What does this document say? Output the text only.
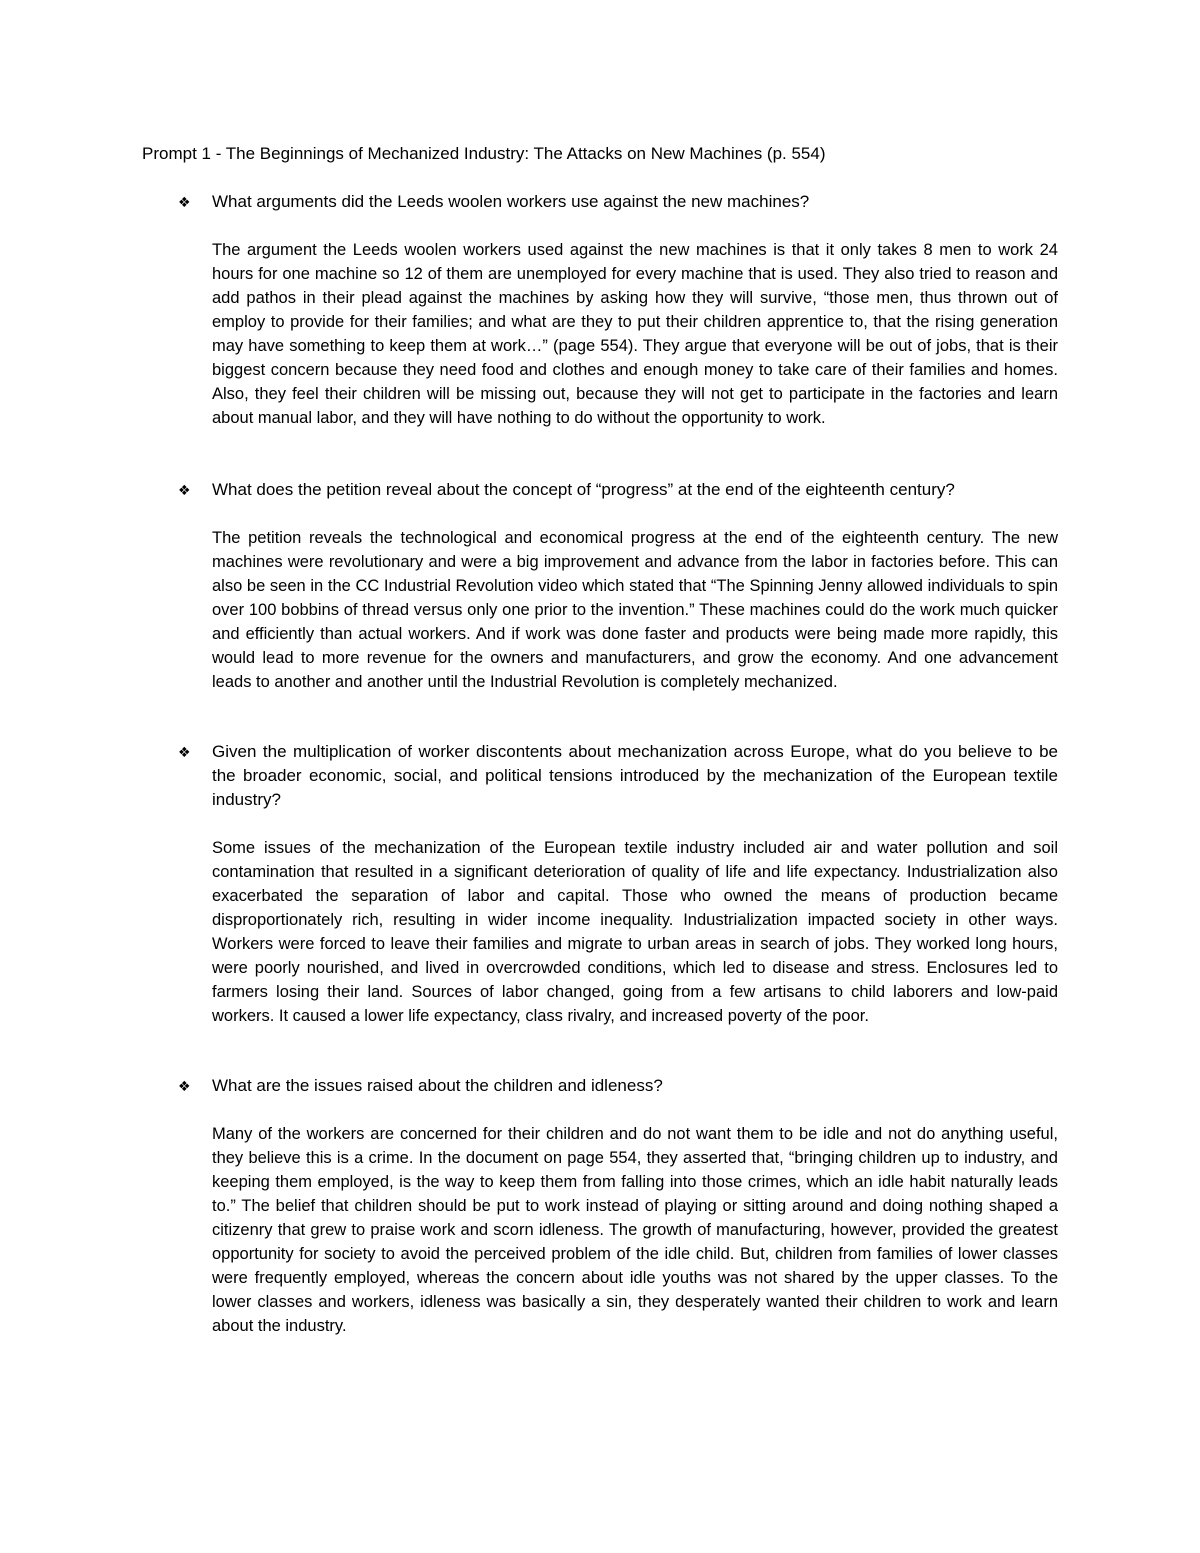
Prompt 1 - The Beginnings of Mechanized Industry: The Attacks on New Machines (p. 554)
❖ What arguments did the Leeds woolen workers use against the new machines?
The argument the Leeds woolen workers used against the new machines is that it only takes 8 men to work 24 hours for one machine so 12 of them are unemployed for every machine that is used. They also tried to reason and add pathos in their plead against the machines by asking how they will survive, “those men, thus thrown out of employ to provide for their families; and what are they to put their children apprentice to, that the rising generation may have something to keep them at work…” (page 554). They argue that everyone will be out of jobs, that is their biggest concern because they need food and clothes and enough money to take care of their families and homes. Also, they feel their children will be missing out, because they will not get to participate in the factories and learn about manual labor, and they will have nothing to do without the opportunity to work.
❖ What does the petition reveal about the concept of “progress” at the end of the eighteenth century?
The petition reveals the technological and economical progress at the end of the eighteenth century. The new machines were revolutionary and were a big improvement and advance from the labor in factories before. This can also be seen in the CC Industrial Revolution video which stated that “The Spinning Jenny allowed individuals to spin over 100 bobbins of thread versus only one prior to the invention.” These machines could do the work much quicker and efficiently than actual workers. And if work was done faster and products were being made more rapidly, this would lead to more revenue for the owners and manufacturers, and grow the economy. And one advancement leads to another and another until the Industrial Revolution is completely mechanized.
❖ Given the multiplication of worker discontents about mechanization across Europe, what do you believe to be the broader economic, social, and political tensions introduced by the mechanization of the European textile industry?
Some issues of the mechanization of the European textile industry included air and water pollution and soil contamination that resulted in a significant deterioration of quality of life and life expectancy. Industrialization also exacerbated the separation of labor and capital. Those who owned the means of production became disproportionately rich, resulting in wider income inequality. Industrialization impacted society in other ways. Workers were forced to leave their families and migrate to urban areas in search of jobs. They worked long hours, were poorly nourished, and lived in overcrowded conditions, which led to disease and stress. Enclosures led to farmers losing their land. Sources of labor changed, going from a few artisans to child laborers and low-paid workers. It caused a lower life expectancy, class rivalry, and increased poverty of the poor.
❖ What are the issues raised about the children and idleness?
Many of the workers are concerned for their children and do not want them to be idle and not do anything useful, they believe this is a crime. In the document on page 554, they asserted that, “bringing children up to industry, and keeping them employed, is the way to keep them from falling into those crimes, which an idle habit naturally leads to.” The belief that children should be put to work instead of playing or sitting around and doing nothing shaped a citizenry that grew to praise work and scorn idleness. The growth of manufacturing, however, provided the greatest opportunity for society to avoid the perceived problem of the idle child. But, children from families of lower classes were frequently employed, whereas the concern about idle youths was not shared by the upper classes. To the lower classes and workers, idleness was basically a sin, they desperately wanted their children to work and learn about the industry.
